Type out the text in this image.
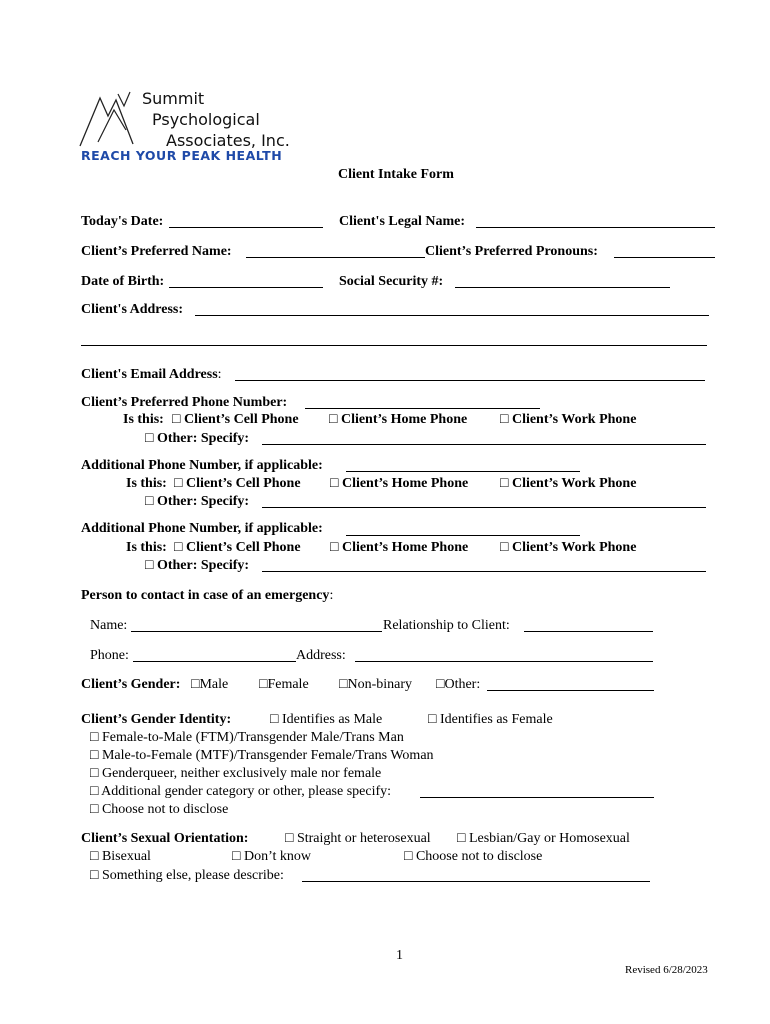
Summit
Psychological
Associates, Inc.
REACH YOUR PEAK HEALTH
Client Intake Form
Today's Date:	Client's Legal Name:
Client’s Preferred Name:	Client’s Preferred Pronouns:
Date of Birth:	Social Security #:
Client's Address:
Client's Email Address:
Client’s Preferred Phone Number:
Is this: □ Client’s Cell Phone □ Client’s Home Phone □ Client’s Work Phone
□ Other: Specify:
Additional Phone Number, if applicable:
Is this: □ Client’s Cell Phone □ Client’s Home Phone □ Client’s Work Phone
□ Other: Specify:
Additional Phone Number, if applicable:
Is this: □ Client’s Cell Phone □ Client’s Home Phone □ Client’s Work Phone
□ Other: Specify:
Person to contact in case of an emergency:
Name:	Relationship to Client:
Phone:	Address:
Client’s Gender: □Male □Female □Non-binary □Other:
Client’s Gender Identity:	□ Identifies as Male	□ Identifies as Female
□ Female-to-Male (FTM)/Transgender Male/Trans Man
□ Male-to-Female (MTF)/Transgender Female/Trans Woman
□ Genderqueer, neither exclusively male nor female
□ Additional gender category or other, please specify:
□ Choose not to disclose
Client’s Sexual Orientation:	□ Straight or heterosexual □ Lesbian/Gay or Homosexual
□ Bisexual	□ Don’t know	□ Choose not to disclose
□ Something else, please describe:
1
Revised 6/28/2023
